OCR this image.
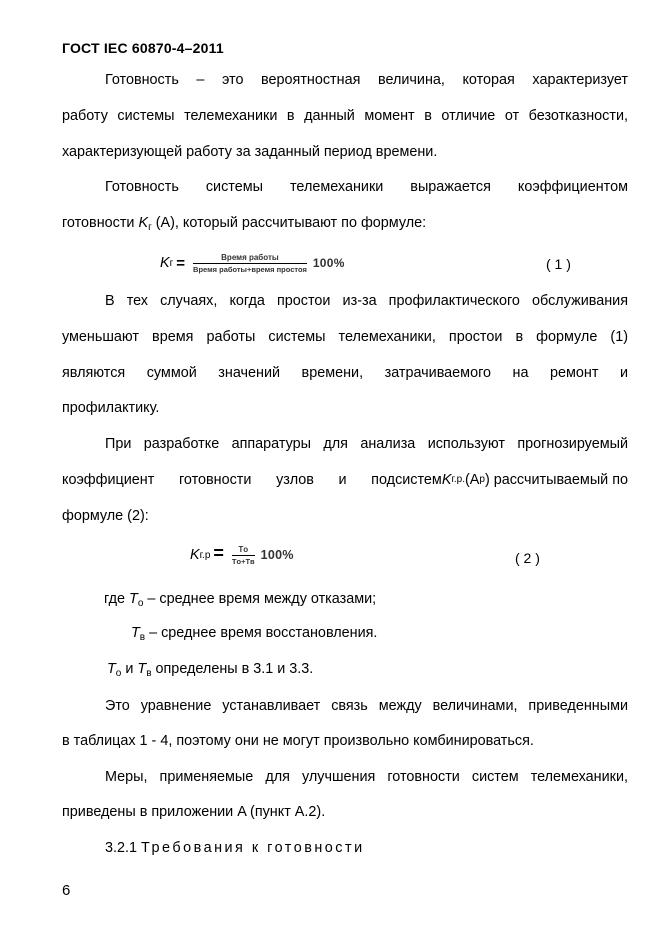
ГОСТ IEC 60870-4–2011
Готовность – это вероятностная величина, которая характеризует
работу системы телемеханики в данный момент в отличие от безотказности,
характеризующей работу за заданный период времени.
Готовность системы телемеханики выражается коэффициентом
готовности $K_г$ (A), который рассчитывают по формуле:
K $г = \frac{\text{Время работы}}{\text{Время работы+время простоя}} 100\%$	( 1 )
В тех случаях, когда простои из-за профилактического обслуживания
уменьшают время работы системы телемеханики, простои в формуле (1)
являются суммой значений времени, затрачиваемого на ремонт и
профилактику.
При разработке аппаратуры для анализа используют прогнозируемый
коэффициент готовности узлов и подсистем K г.р. (A р ) рассчитываемый по
формуле (2):
K $г.р = \frac{Tо}{Tо+Tв} 100\%$	( 2 )
где $T_о$ – среднее время между отказами;
$T_в$ – среднее время восстановления.
$T_о$ и $T_в$ определены в 3.1 и 3.3.
Это уравнение устанавливает связь между величинами, приведенными
в таблицах 1 - 4, поэтому они не могут произвольно комбинироваться.
Меры, применяемые для улучшения готовности систем телемеханики,
приведены в приложении A (пункт A.2).
3.2.1 Требования к готовности
6
